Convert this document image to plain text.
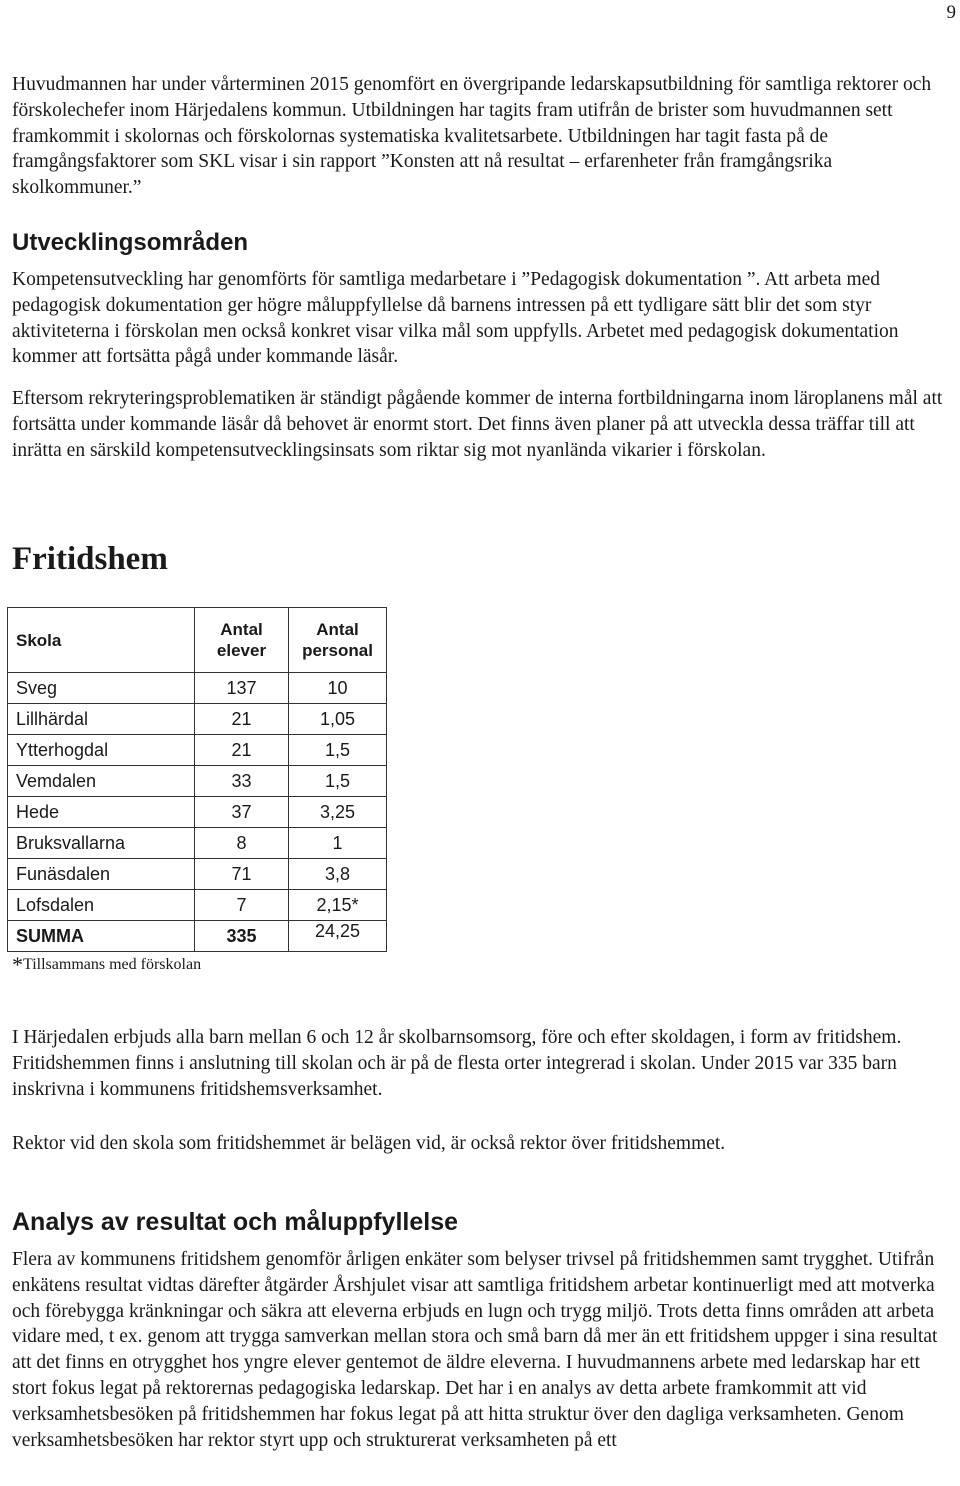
9

Huvudmannen har under vårterminen 2015 genomfört en övergripande ledarskapsutbildning för samtliga rektorer och förskolechefer inom Härjedalens kommun. Utbildningen har tagits fram utifrån de brister som huvudmannen sett framkommit i skolornas och förskolornas systematiska kvalitetsarbete. Utbildningen har tagit fasta på de framgångsfaktorer som SKL visar i sin rapport ”Konsten att nå resultat – erfarenheter från framgångsrika skolkommuner.”

Utvecklingsområden

Kompetensutveckling har genomförts för samtliga medarbetare i ”Pedagogisk dokumentation ”. Att arbeta med pedagogisk dokumentation ger högre måluppfyllelse då barnens intressen på ett tydligare sätt blir det som styr aktiviteterna i förskolan men också konkret visar vilka mål som uppfylls. Arbetet med pedagogisk dokumentation kommer att fortsätta pågå under kommande läsår.

Eftersom rekryteringsproblematiken är ständigt pågående kommer de interna fortbildningarna inom läroplanens mål att fortsätta under kommande läsår då behovet är enormt stort. Det finns även planer på att utveckla dessa träffar till att inrätta en särskild kompetensutvecklingsinsats som riktar sig mot nyanlända vikarier i förskolan.

Fritidshem
Skola	Antal elever	Antal personal
Sveg	137	10
Lillhärdal	21	1,05
Ytterhogdal	21	1,5
Vemdalen	33	1,5
Hede	37	3,25
Bruksvallarna	8	1
Funäsdalen	71	3,8
Lofsdalen	7	2,15*
SUMMA	335	24,25

*Tillsammans med förskolan

I Härjedalen erbjuds alla barn mellan 6 och 12 år skolbarnsomsorg, före och efter skoldagen, i form av fritidshem. Fritidshemmen finns i anslutning till skolan och är på de flesta orter integrerad i skolan. Under 2015 var 335 barn inskrivna i kommunens fritidshemsverksamhet.

Rektor vid den skola som fritidshemmet är belägen vid, är också rektor över fritidshemmet.

Analys av resultat och måluppfyllelse

Flera av kommunens fritidshem genomför årligen enkäter som belyser trivsel på fritidshemmen samt trygghet. Utifrån enkätens resultat vidtas därefter åtgärder Årshjulet visar att samtliga fritidshem arbetar kontinuerligt med att motverka och förebygga kränkningar och säkra att eleverna erbjuds en lugn och trygg miljö. Trots detta finns områden att arbeta vidare med, t ex. genom att trygga samverkan mellan stora och små barn då mer än ett fritidshem uppger i sina resultat att det finns en otrygghet hos yngre elever gentemot de äldre eleverna. I huvudmannens arbete med ledarskap har ett stort fokus legat på rektorernas pedagogiska ledarskap. Det har i en analys av detta arbete framkommit att vid verksamhetsbesöken på fritidshemmen har fokus legat på att hitta struktur över den dagliga verksamheten. Genom verksamhetsbesöken har rektor styrt upp och strukturerat verksamheten på ett
